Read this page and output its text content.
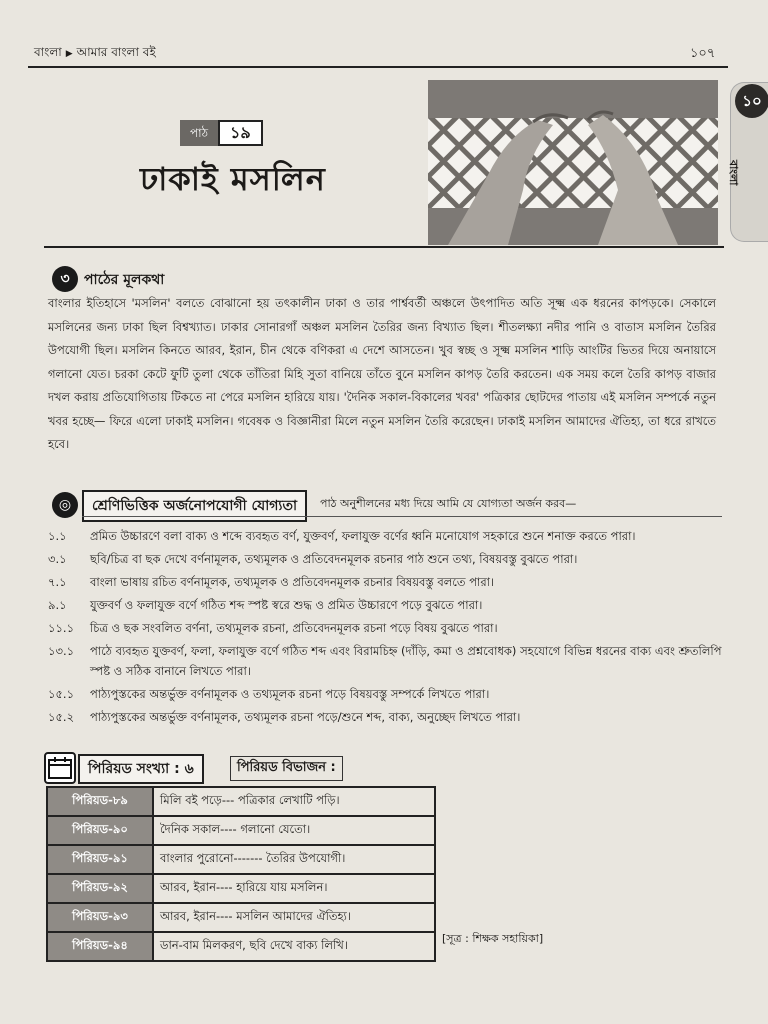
বাংলা ▶ আমার বাংলা বই	১০৭
১০
বাংলা
পাঠ	১৯
ঢাকাই মসলিন
৩	পাঠের মূলকথা
বাংলার ইতিহাসে 'মসলিন' বলতে বোঝানো হয় তৎকালীন ঢাকা ও তার পার্শ্ববর্তী অঞ্চলে উৎপাদিত অতি সূক্ষ্ম এক ধরনের কাপড়কে। সেকালে মসলিনের জন্য ঢাকা ছিল বিশ্বখ্যাত। ঢাকার সোনারগাঁ অঞ্চল মসলিন তৈরির জন্য বিখ্যাত ছিল। শীতলক্ষ্যা নদীর পানি ও বাতাস মসলিন তৈরির উপযোগী ছিল। মসলিন কিনতে আরব, ইরান, চীন থেকে বণিকরা এ দেশে আসতেন। খুব স্বচ্ছ ও সূক্ষ্ম মসলিন শাড়ি আংটির ভিতর দিয়ে অনায়াসে গলানো যেত। চরকা কেটে ফুটি তুলা থেকে তাঁতিরা মিহি সুতা বানিয়ে তাঁতে বুনে মসলিন কাপড় তৈরি করতেন। এক সময় কলে তৈরি কাপড় বাজার দখল করায় প্রতিযোগিতায় টিকতে না পেরে মসলিন হারিয়ে যায়। 'দৈনিক সকাল-বিকালের খবর' পত্রিকার ছোটদের পাতায় এই মসলিন সম্পর্কে নতুন খবর হচ্ছে— ফিরে এলো ঢাকাই মসলিন। গবেষক ও বিজ্ঞানীরা মিলে নতুন মসলিন তৈরি করেছেন। ঢাকাই মসলিন আমাদের ঐতিহ্য, তা ধরে রাখতে হবে।
◎	শ্রেণিভিত্তিক অর্জনোপযোগী যোগ্যতা	পাঠ অনুশীলনের মধ্য দিয়ে আমি যে যোগ্যতা অর্জন করব—
১.১	প্রমিত উচ্চারণে বলা বাক্য ও শব্দে ব্যবহৃত বর্ণ, যুক্তবর্ণ, ফলাযুক্ত বর্ণের ধ্বনি মনোযোগ সহকারে শুনে শনাক্ত করতে পারা।
৩.১	ছবি/চিত্র বা ছক দেখে বর্ণনামূলক, তথ্যমূলক ও প্রতিবেদনমূলক রচনার পাঠ শুনে তথ্য, বিষয়বস্তু বুঝতে পারা।
৭.১	বাংলা ভাষায় রচিত বর্ণনামূলক, তথ্যমূলক ও প্রতিবেদনমূলক রচনার বিষয়বস্তু বলতে পারা।
৯.১	যুক্তবর্ণ ও ফলাযুক্ত বর্ণে গঠিত শব্দ স্পষ্ট স্বরে শুদ্ধ ও প্রমিত উচ্চারণে পড়ে বুঝতে পারা।
১১.১	চিত্র ও ছক সংবলিত বর্ণনা, তথ্যমূলক রচনা, প্রতিবেদনমূলক রচনা পড়ে বিষয় বুঝতে পারা।
১৩.১	পাঠে ব্যবহৃত যুক্তবর্ণ, ফলা, ফলাযুক্ত বর্ণে গঠিত শব্দ এবং বিরামচিহ্ন (দাঁড়ি, কমা ও প্রশ্নবোধক) সহযোগে বিভিন্ন ধরনের বাক্য এবং শ্রুতলিপি স্পষ্ট ও সঠিক বানানে লিখতে পারা।
১৫.১	পাঠ্যপুস্তকের অন্তর্ভুক্ত বর্ণনামূলক ও তথ্যমূলক রচনা পড়ে বিষয়বস্তু সম্পর্কে লিখতে পারা।
১৫.২	পাঠ্যপুস্তকের অন্তর্ভুক্ত বর্ণনামূলক, তথ্যমূলক রচনা পড়ে/শুনে শব্দ, বাক্য, অনুচ্ছেদ লিখতে পারা।
পিরিয়ড সংখ্যা : ৬	পিরিয়ড বিভাজন :
পিরিয়ড-৮৯	মিলি বই পড়ে--- পত্রিকার লেখাটি পড়ি।
পিরিয়ড-৯০	দৈনিক সকাল---- গলানো যেতো।
পিরিয়ড-৯১	বাংলার পুরোনো------- তৈরির উপযোগী।
পিরিয়ড-৯২	আরব, ইরান---- হারিয়ে যায় মসলিন।
পিরিয়ড-৯৩	আরব, ইরান---- মসলিন আমাদের ঐতিহ্য।
পিরিয়ড-৯৪	ডান-বাম মিলকরণ, ছবি দেখে বাক্য লিখি।	[সূত্র : শিক্ষক সহায়িকা]
